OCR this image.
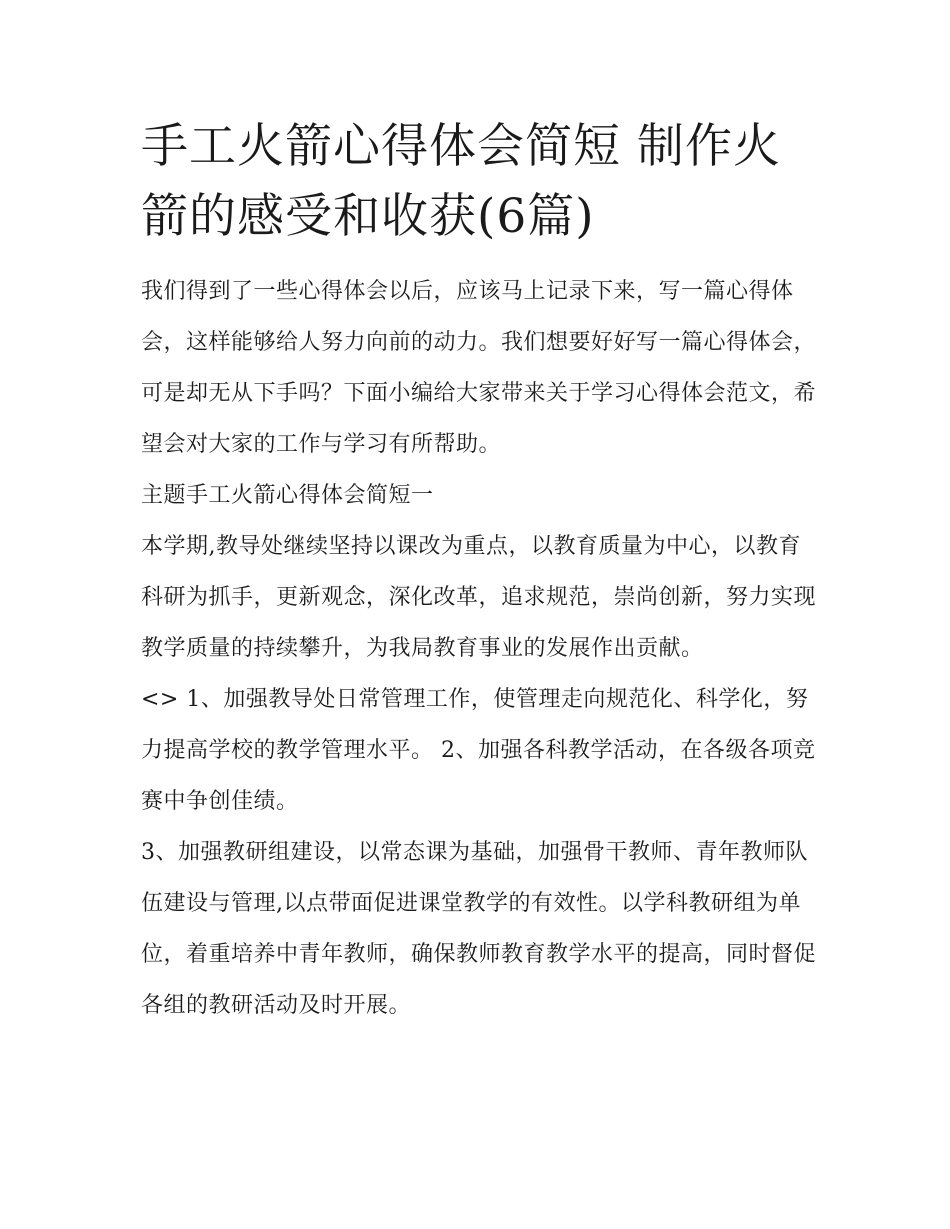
手工火箭心得体会简短 制作火箭的感受和收获(6篇)

我们得到了一些心得体会以后，应该马上记录下来，写一篇心得体会，这样能够给人努力向前的动力。我们想要好好写一篇心得体会，可是却无从下手吗？下面小编给大家带来关于学习心得体会范文，希望会对大家的工作与学习有所帮助。

主题手工火箭心得体会简短一

本学期,教导处继续坚持以课改为重点，以教育质量为中心，以教育科研为抓手，更新观念，深化改革，追求规范，崇尚创新，努力实现教学质量的持续攀升，为我局教育事业的发展作出贡献。

<> 1、加强教导处日常管理工作，使管理走向规范化、科学化，努力提高学校的教学管理水平。 2、加强各科教学活动，在各级各项竞赛中争创佳绩。

3、加强教研组建设，以常态课为基础，加强骨干教师、青年教师队伍建设与管理,以点带面促进课堂教学的有效性。以学科教研组为单位，着重培养中青年教师，确保教师教育教学水平的提高，同时督促各组的教研活动及时开展。
